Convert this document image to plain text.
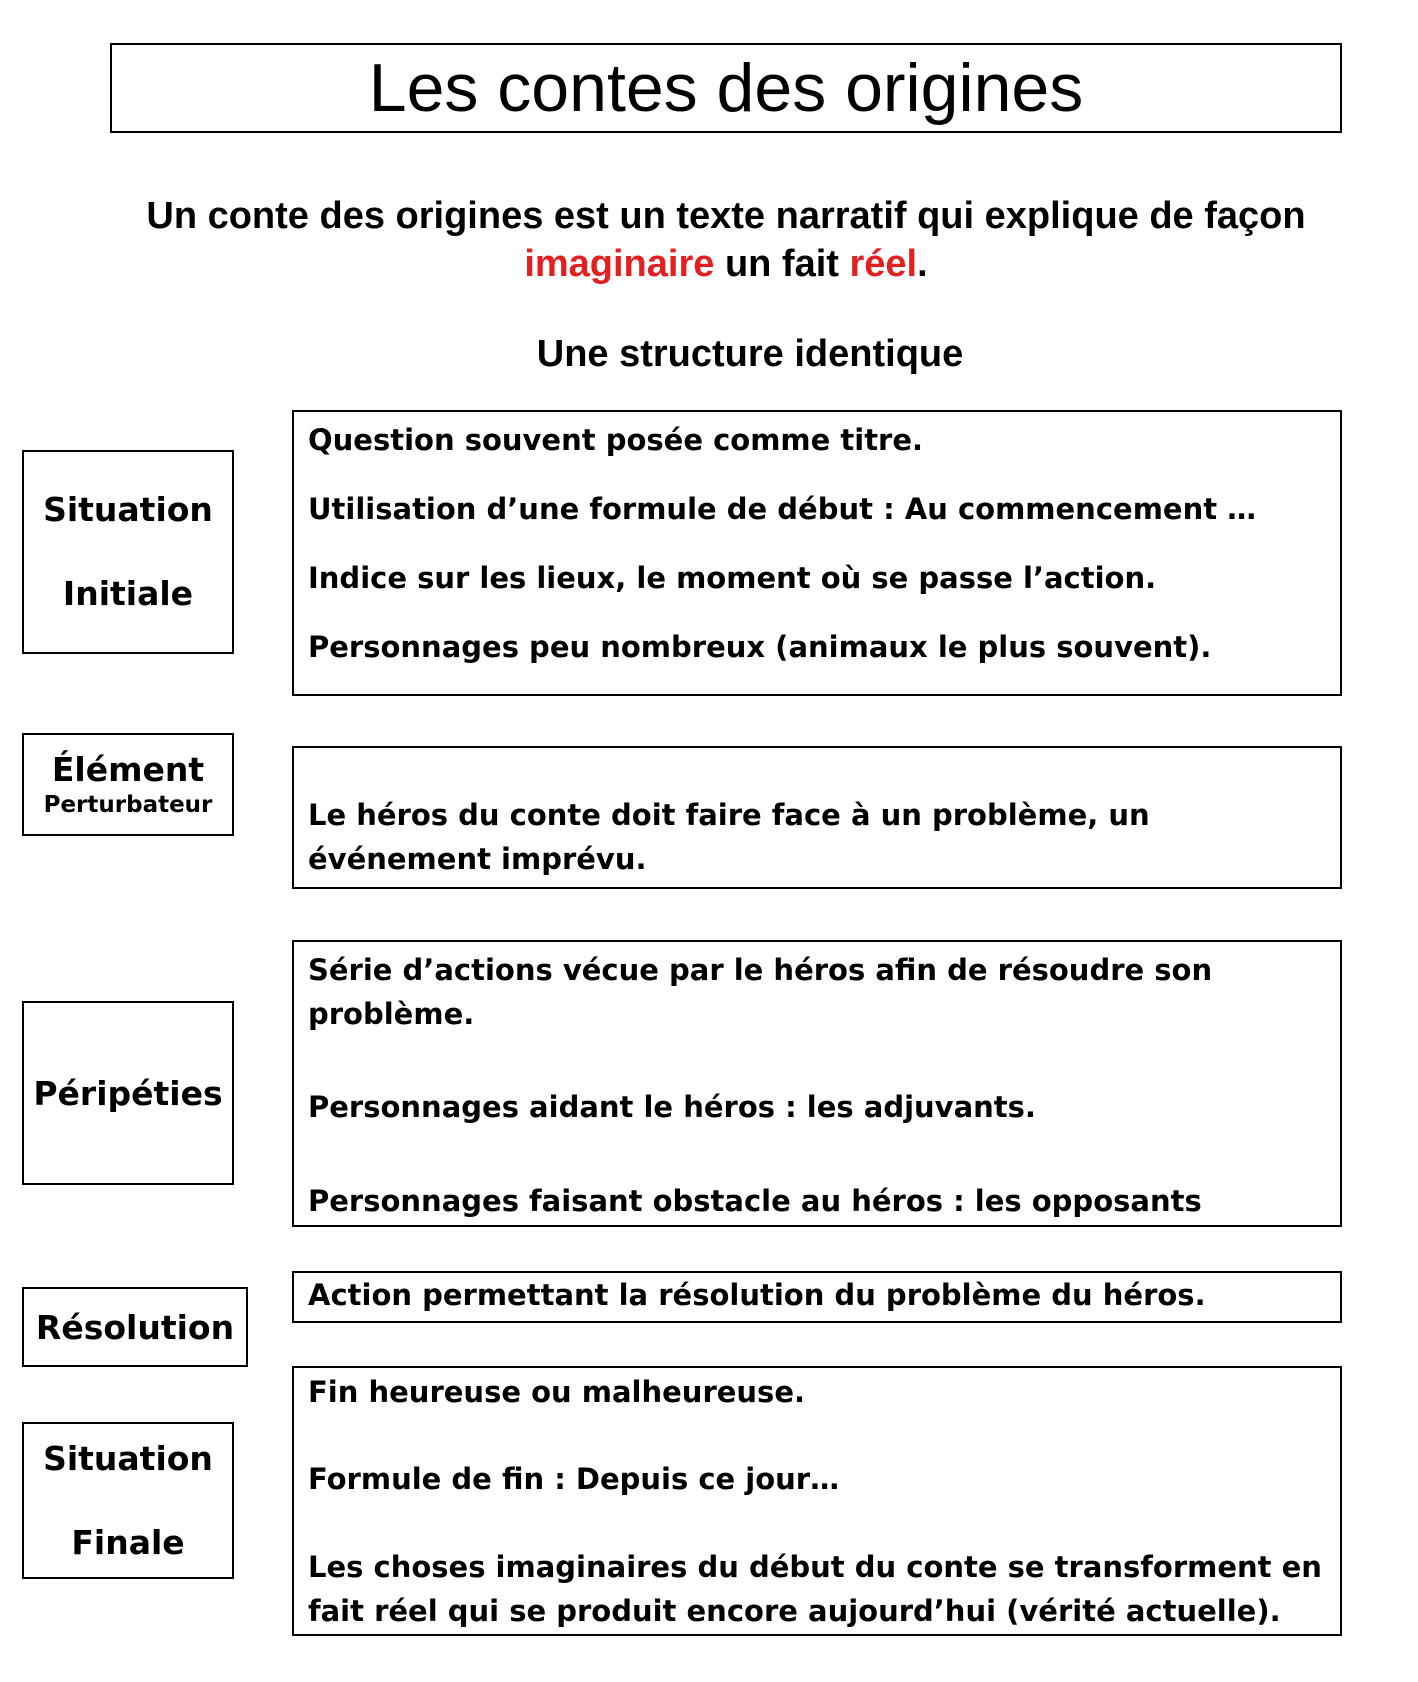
Les contes des origines
Un conte des origines est un texte narratif qui explique de façon imaginaire un fait réel.
Une structure identique
Situation
Initiale

Question souvent posée comme titre.

Utilisation d’une formule de début : Au commencement …

Indice sur les lieux, le moment où se passe l’action.

Personnages peu nombreux (animaux le plus souvent).

Élément
Perturbateur	Le héros du conte doit faire face à un problème, un événement imprévu.

Péripéties

Série d’actions vécue par le héros afin de résoudre son problème.

Personnages aidant le héros : les adjuvants.

Personnages faisant obstacle au héros : les opposants

Résolution

Action permettant la résolution du problème du héros.

Situation
Finale

Fin heureuse ou malheureuse.

Formule de fin : Depuis ce jour…

Les choses imaginaires du début du conte se transforment en fait réel qui se produit encore aujourd’hui (vérité actuelle).
